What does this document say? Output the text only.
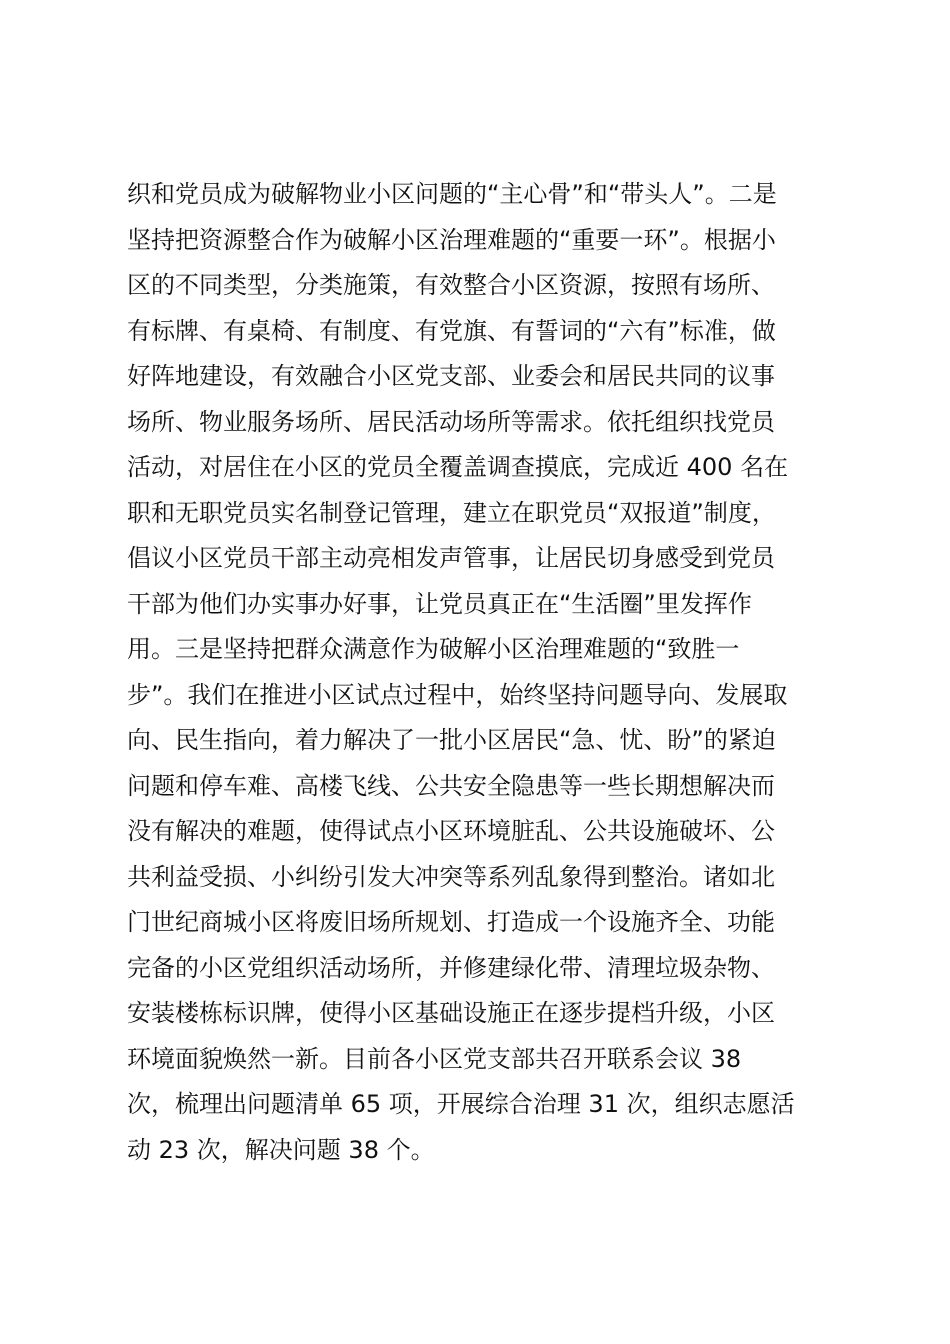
织和党员成为破解物业小区问题的“主心骨”和“带头人”。二是
坚持把资源整合作为破解小区治理难题的“重要一环”。根据小
区的不同类型，分类施策，有效整合小区资源，按照有场所、
有标牌、有桌椅、有制度、有党旗、有誓词的“六有”标准，做
好阵地建设，有效融合小区党支部、业委会和居民共同的议事
场所、物业服务场所、居民活动场所等需求。依托组织找党员
活动，对居住在小区的党员全覆盖调查摸底，完成近 400 名在
职和无职党员实名制登记管理，建立在职党员“双报道”制度，
倡议小区党员干部主动亮相发声管事，让居民切身感受到党员
干部为他们办实事办好事，让党员真正在“生活圈”里发挥作
用。三是坚持把群众满意作为破解小区治理难题的“致胜一
步”。我们在推进小区试点过程中，始终坚持问题导向、发展取
向、民生指向，着力解决了一批小区居民“急、忧、盼”的紧迫
问题和停车难、高楼飞线、公共安全隐患等一些长期想解决而
没有解决的难题，使得试点小区环境脏乱、公共设施破坏、公
共利益受损、小纠纷引发大冲突等系列乱象得到整治。诸如北
门世纪商城小区将废旧场所规划、打造成一个设施齐全、功能
完备的小区党组织活动场所，并修建绿化带、清理垃圾杂物、
安装楼栋标识牌，使得小区基础设施正在逐步提档升级，小区
环境面貌焕然一新。目前各小区党支部共召开联系会议 38
次，梳理出问题清单 65 项，开展综合治理 31 次，组织志愿活
动 23 次，解决问题 38 个。
